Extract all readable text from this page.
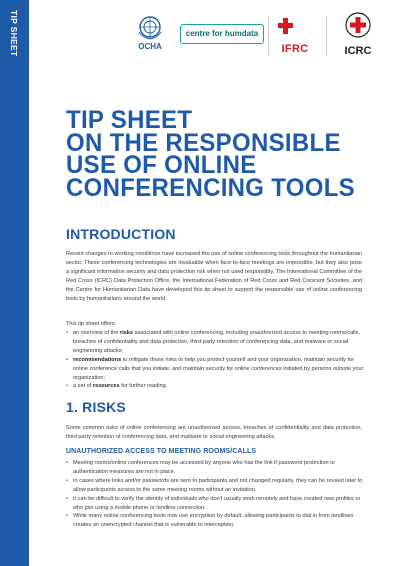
TIP SHEET	OCHA
centre for humdata
IFRC	ICRC
TIP SHEET
ON THE RESPONSIBLE
USE OF ONLINE
CONFERENCING TOOLS
INTRODUCTION

Recent changes to working conditions have increased the use of online conferencing tools throughout the humanitarian sector. These conferencing technologies are invaluable when face-to-face meetings are impossible, but they also pose a significant information security and data protection risk when not used responsibly. The International Committee of the Red Cross (ICRC) Data Protection Office, the International Federation of Red Cross and Red Crescent Societies, and the Centre for Humanitarian Data have developed this tip sheet to support the responsible use of online conferencing tools by humanitarians around the world.

This tip sheet offers:

• an overview of the risks associated with online conferencing, including unauthorized access to meeting rooms/calls, breaches of confidentiality and data protection, third party retention of conferencing data, and malware or social engineering attacks;
• recommendations to mitigate those risks to help you protect yourself and your organization, maintain security for online conference calls that you initiate, and maintain security for online conferences initiated by persons outside your organization;
• a set of resources for further reading.
1. RISKS

Some common risks of online conferencing are unauthorized access, breaches of confidentiality and data protection, third party retention of conferencing data, and malware or social engineering attacks.

UNAUTHORIZED ACCESS TO MEETING ROOMS/CALLS
• Meeting rooms/online conferences may be accessed by anyone who has the link if password protection or authentication measures are not in place.
• In cases where links and/or passwords are sent to participants and not changed regularly, they can be reused later to allow participants access to the same meeting rooms without an invitation.
• It can be difficult to verify the identity of individuals who don't usually work remotely and have created new profiles or who join using a mobile phone or landline connection.
• While many online conferencing tools now use encryption by default, allowing participants to dial in from landlines creates an unencrypted channel that is vulnerable to interception.
